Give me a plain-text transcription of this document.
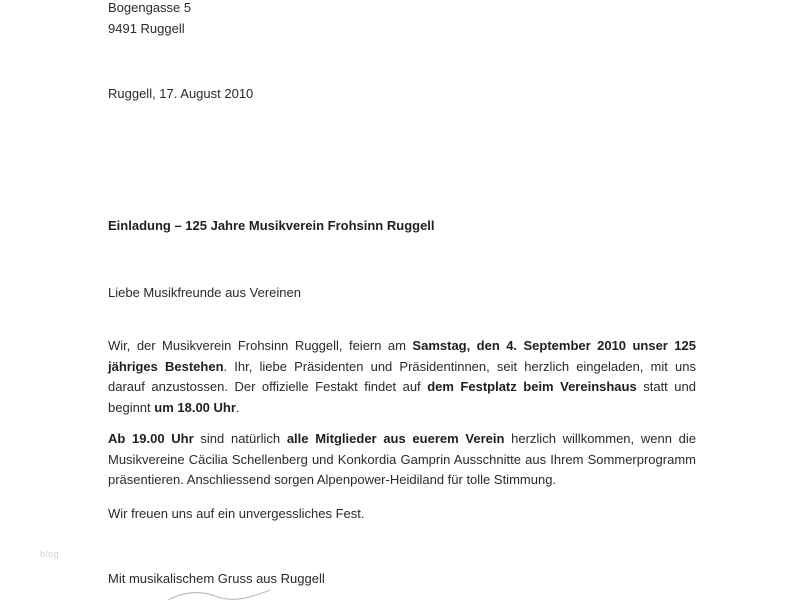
Bogengasse 5
9491 Ruggell
Ruggell, 17. August 2010
Einladung – 125 Jahre Musikverein Frohsinn Ruggell
Liebe Musikfreunde aus Vereinen
Wir, der Musikverein Frohsinn Ruggell, feiern am Samstag, den 4. September 2010 unser 125 jähriges Bestehen. Ihr, liebe Präsidenten und Präsidentinnen, seit herzlich eingeladen, mit uns darauf anzustossen. Der offizielle Festakt findet auf dem Festplatz beim Vereinshaus statt und beginnt um 18.00 Uhr.
Ab 19.00 Uhr sind natürlich alle Mitglieder aus euerem Verein herzlich willkommen, wenn die Musikvereine Cäcilia Schellenberg und Konkordia Gamprin Ausschnitte aus Ihrem Sommerprogramm präsentieren. Anschliessend sorgen Alpenpower-Heidiland für tolle Stimmung.
Wir freuen uns auf ein unvergessliches Fest.
blog
Mit musikalischem Gruss aus Ruggell
